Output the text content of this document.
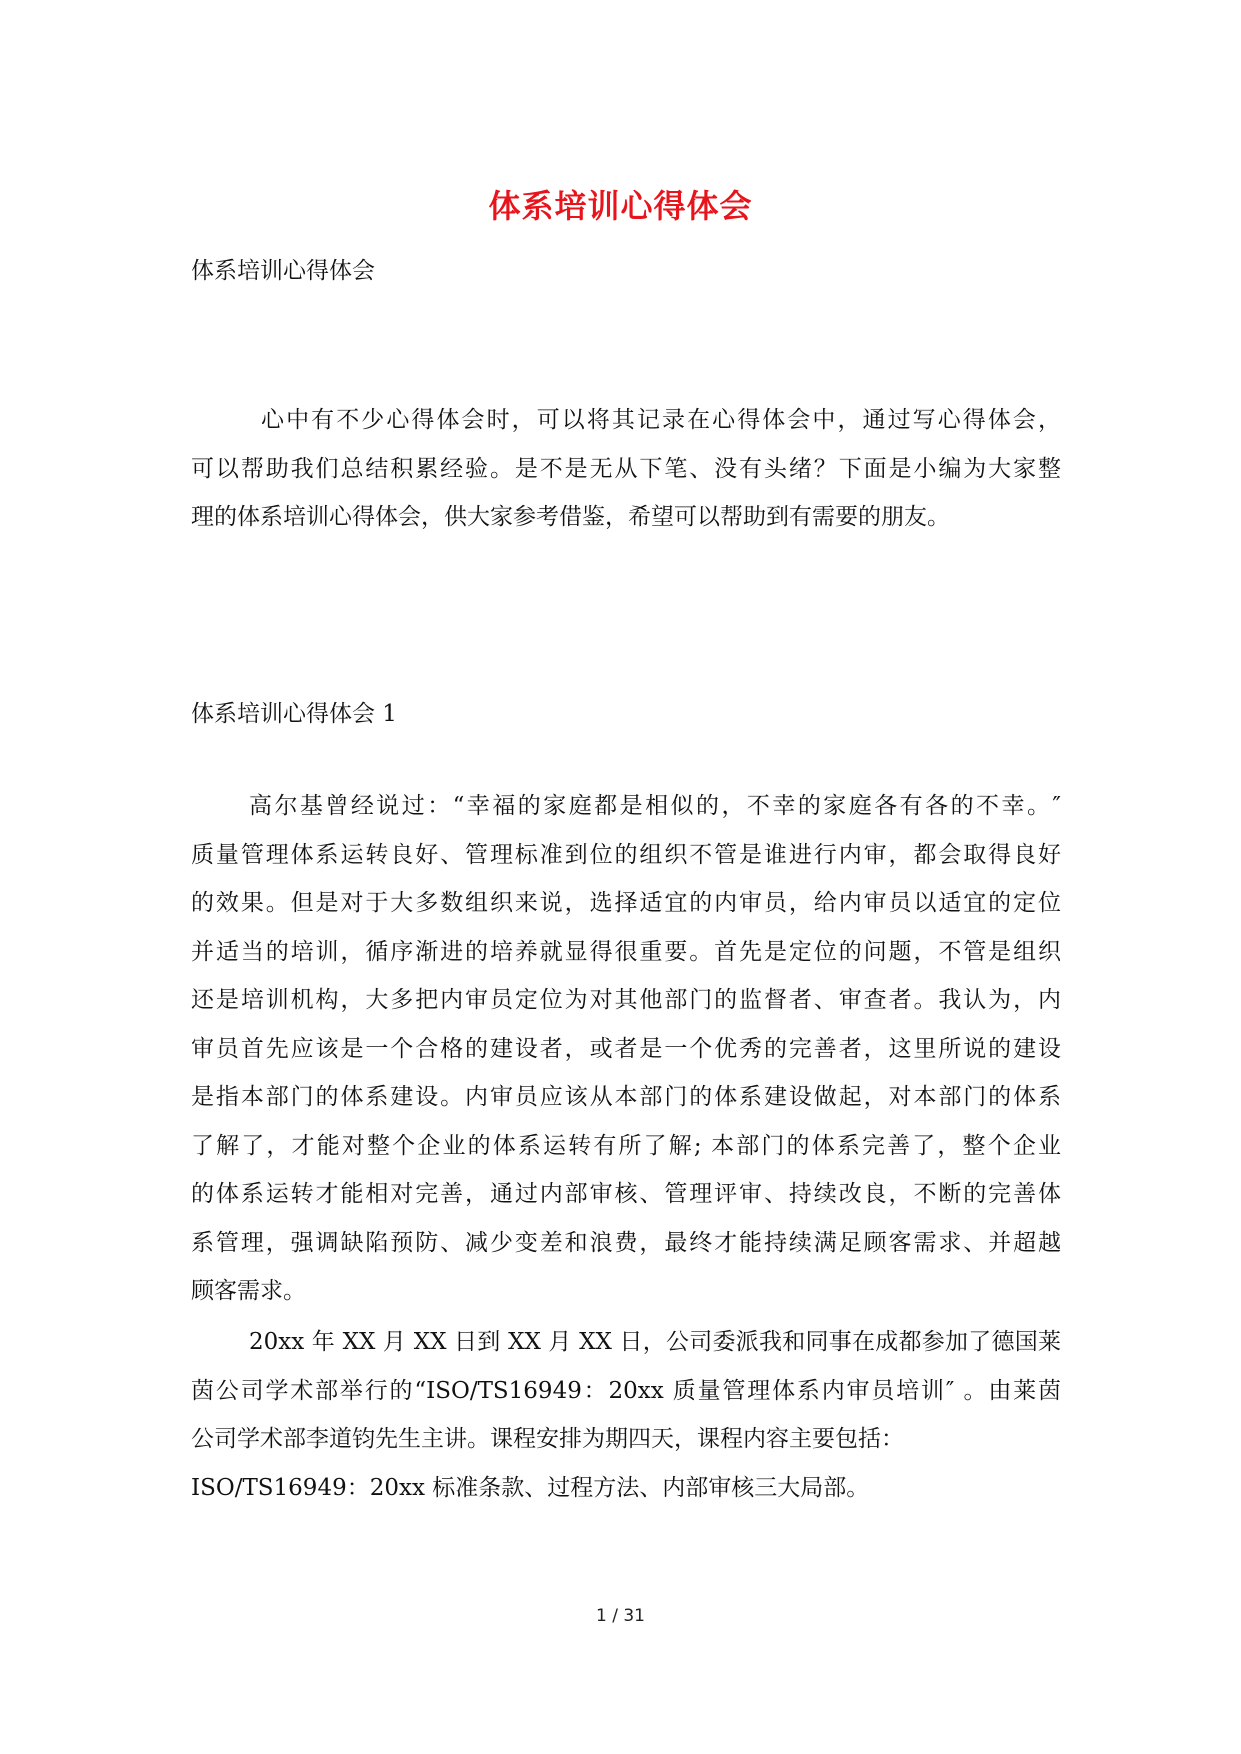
体系培训心得体会
体系培训心得体会
心中有不少心得体会时，可以将其记录在心得体会中，通过写心得体会，
可以帮助我们总结积累经验。是不是无从下笔、没有头绪？下面是小编为大家整
理的体系培训心得体会，供大家参考借鉴，希望可以帮助到有需要的朋友。
体系培训心得体会 1
高尔基曾经说过：“幸福的家庭都是相似的，不幸的家庭各有各的不幸。″
质量管理体系运转良好、管理标准到位的组织不管是谁进行内审，都会取得良好
的效果。但是对于大多数组织来说，选择适宜的内审员，给内审员以适宜的定位
并适当的培训，循序渐进的培养就显得很重要。首先是定位的问题，不管是组织
还是培训机构，大多把内审员定位为对其他部门的监督者、审查者。我认为，内
审员首先应该是一个合格的建设者，或者是一个优秀的完善者，这里所说的建设
是指本部门的体系建设。内审员应该从本部门的体系建设做起，对本部门的体系
了解了，才能对整个企业的体系运转有所了解; 本部门的体系完善了，整个企业
的体系运转才能相对完善，通过内部审核、管理评审、持续改良，不断的完善体
系管理，强调缺陷预防、减少变差和浪费，最终才能持续满足顾客需求、并超越
顾客需求。
20xx 年 XX 月 XX 日到 XX 月 XX 日，公司委派我和同事在成都参加了德国莱
茵公司学术部举行的“ISO/TS16949：20xx 质量管理体系内审员培训″ 。由莱茵
公司学术部李道钧先生主讲。课程安排为期四天，课程内容主要包括：
ISO/TS16949：20xx 标准条款、过程方法、内部审核三大局部。
1 / 31
